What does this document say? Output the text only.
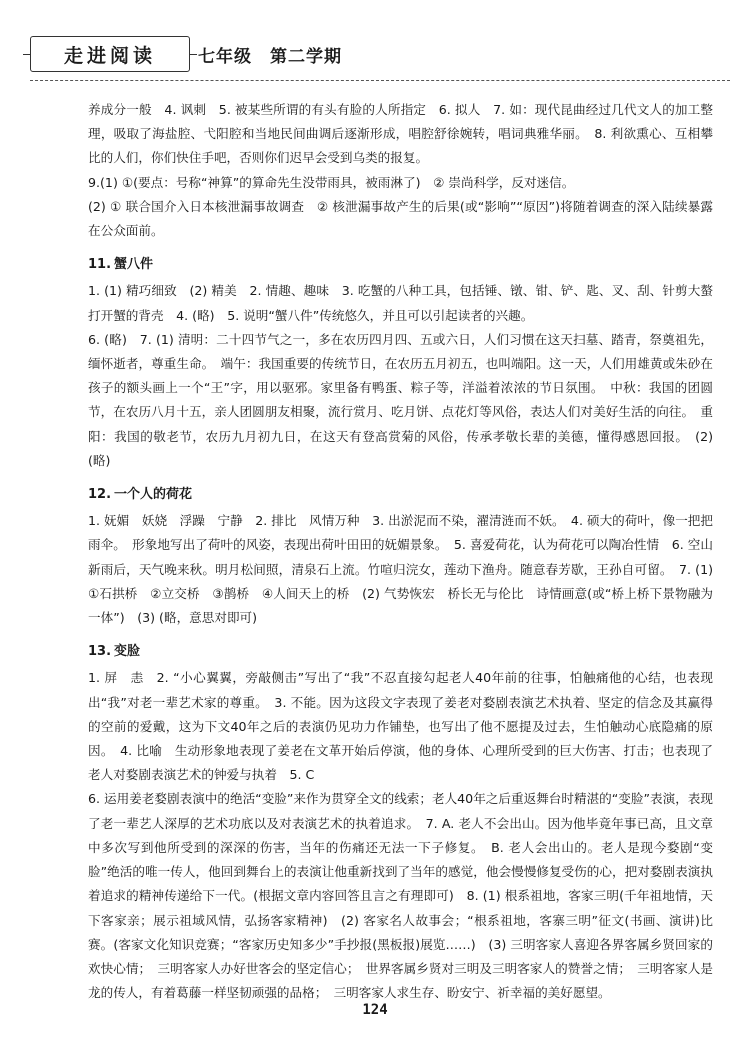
走进阅读 七年级　第二学期

养成分一般　4. 讽刺　5. 被某些所谓的有头有脸的人所指定　6. 拟人　7. 如：现代昆曲经过几代文人的加工整理，吸取了海盐腔、弋阳腔和当地民间曲调后逐渐形成，唱腔舒徐婉转，唱词典雅华丽。　8. 利欲熏心、互相攀比的人们，你们快住手吧，否则你们迟早会受到乌类的报复。

9.(1) ①(要点：号称“神算”的算命先生没带雨具，被雨淋了)　② 崇尚科学，反对迷信。

(2) ① 联合国介入日本核泄漏事故调查　② 核泄漏事故产生的后果(或“影响”“原因”)将随着调查的深入陆续暴露在公众面前。

11. 蟹八件

1. (1) 精巧细致　(2) 精美　2. 情趣、趣味　3. 吃蟹的八种工具，包括锤、镦、钳、铲、匙、叉、刮、针剪大螯　打开蟹的背壳　4. (略)　5. 说明“蟹八件”传统悠久，并且可以引起读者的兴趣。

6. (略)　7. (1) 清明：二十四节气之一，多在农历四月四、五或六日，人们习惯在这天扫墓、踏青，祭奠祖先，缅怀逝者，尊重生命。　端午：我国重要的传统节日，在农历五月初五，也叫端阳。这一天，人们用雄黄或朱砂在孩子的额头画上一个“王”字，用以驱邪。家里备有鸭蛋、粽子等，洋溢着浓浓的节日氛围。　中秋：我国的团圆节，在农历八月十五，亲人团圆朋友相聚，流行赏月、吃月饼、点花灯等风俗，表达人们对美好生活的向往。　重阳：我国的敬老节，农历九月初九日，在这天有登高赏菊的风俗，传承孝敬长辈的美德，懂得感恩回报。　(2) (略)

12. 一个人的荷花

1. 妩媚　妖娆　浮躁　宁静　2. 排比　风情万种　3. 出淤泥而不染，濯清涟而不妖。　4. 硕大的荷叶，像一把把雨伞。　形象地写出了荷叶的风姿，表现出荷叶田田的妩媚景象。　5. 喜爱荷花，认为荷花可以陶冶性情　6. 空山新雨后，天气晚来秋。明月松间照，清泉石上流。竹喧归浣女，莲动下渔舟。随意春芳歇，王孙自可留。　7. (1) ①石拱桥　②立交桥　③鹊桥　④人间天上的桥　(2) 气势恢宏　桥长无与伦比　诗情画意(或“桥上桥下景物融为一体”)　(3) (略，意思对即可)

13. 变脸

1. 屏　恚　2. “小心翼翼，旁敲侧击”写出了“我”不忍直接勾起老人40年前的往事，怕触痛他的心结，也表现出“我”对老一辈艺术家的尊重。　3. 不能。因为这段文字表现了姜老对婺剧表演艺术执着、坚定的信念及其赢得的空前的爱戴，这为下文40年之后的表演仍见功力作铺垫，也写出了他不愿提及过去，生怕触动心底隐痛的原因。　4. 比喻　生动形象地表现了姜老在文革开始后停演，他的身体、心理所受到的巨大伤害、打击；也表现了老人对婺剧表演艺术的钟爱与执着　5. C

6. 运用姜老婺剧表演中的绝活“变脸”来作为贯穿全文的线索；老人40年之后重返舞台时精湛的“变脸”表演，表现了老一辈艺人深厚的艺术功底以及对表演艺术的执着追求。　7. A. 老人不会出山。因为他毕竟年事已高，且文章中多次写到他所受到的深深的伤害，当年的伤痛还无法一下子修复。　B. 老人会出山的。老人是现今婺剧“变脸”绝活的唯一传人，他回到舞台上的表演让他重新找到了当年的感觉，他会慢慢修复受伤的心，把对婺剧表演执着追求的精神传递给下一代。(根据文章内容回答且言之有理即可)　8. (1) 根系祖地，客家三明(千年祖地情，天下客家亲；展示祖域风情，弘扬客家精神)　(2) 客家名人故事会；“根系祖地，客寨三明”征文(书画、演讲)比赛。(客家文化知识竞赛；“客家历史知多少”手抄报(黑板报)展览……)　(3) 三明客家人喜迎各界客属乡贤回家的欢快心情；　三明客家人办好世客会的坚定信心；　世界客属乡贤对三明及三明客家人的赞誉之情；　三明客家人是龙的传人，有着葛藤一样坚韧顽强的品格；　三明客家人求生存、盼安宁、祈幸福的美好愿望。

124
